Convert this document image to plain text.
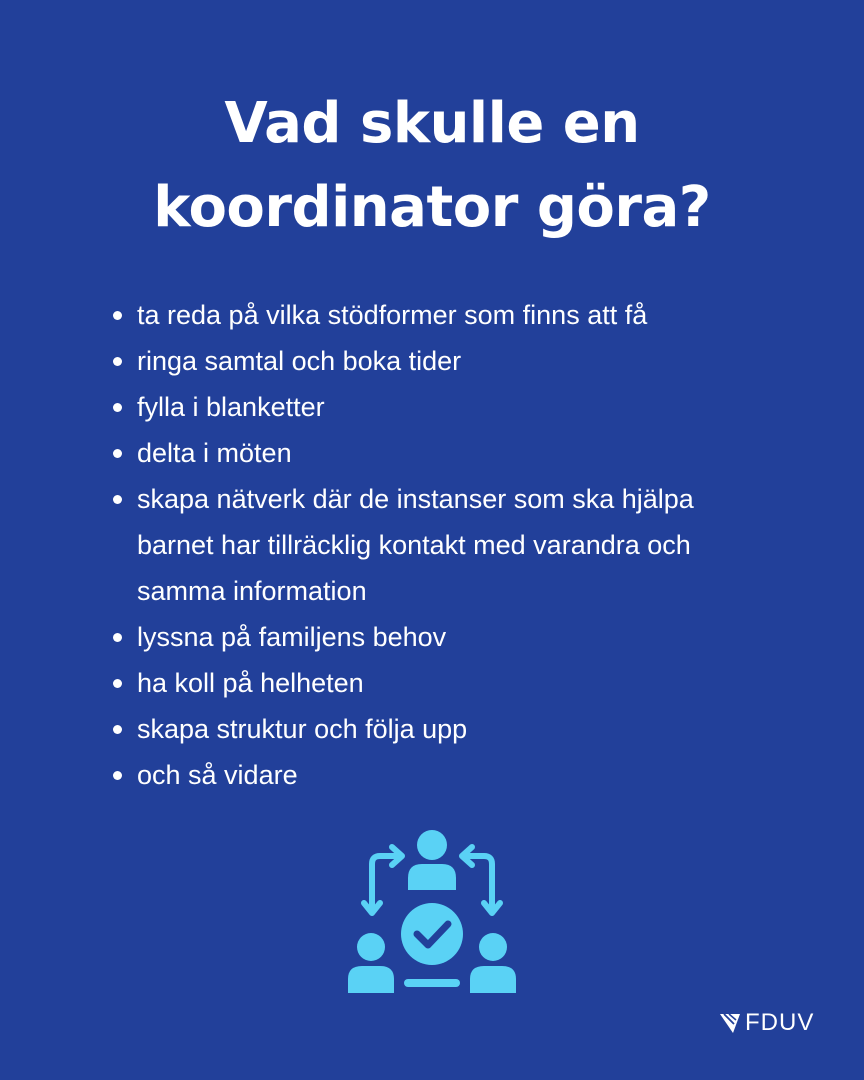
Vad skulle en
koordinator göra?
ta reda på vilka stödformer som finns att få
ringa samtal och boka tider
fylla i blanketter
delta i möten
skapa nätverk där de instanser som ska hjälpa barnet har tillräcklig kontakt med varandra och samma information
lyssna på familjens behov
ha koll på helheten
skapa struktur och följa upp
och så vidare
FDUV
